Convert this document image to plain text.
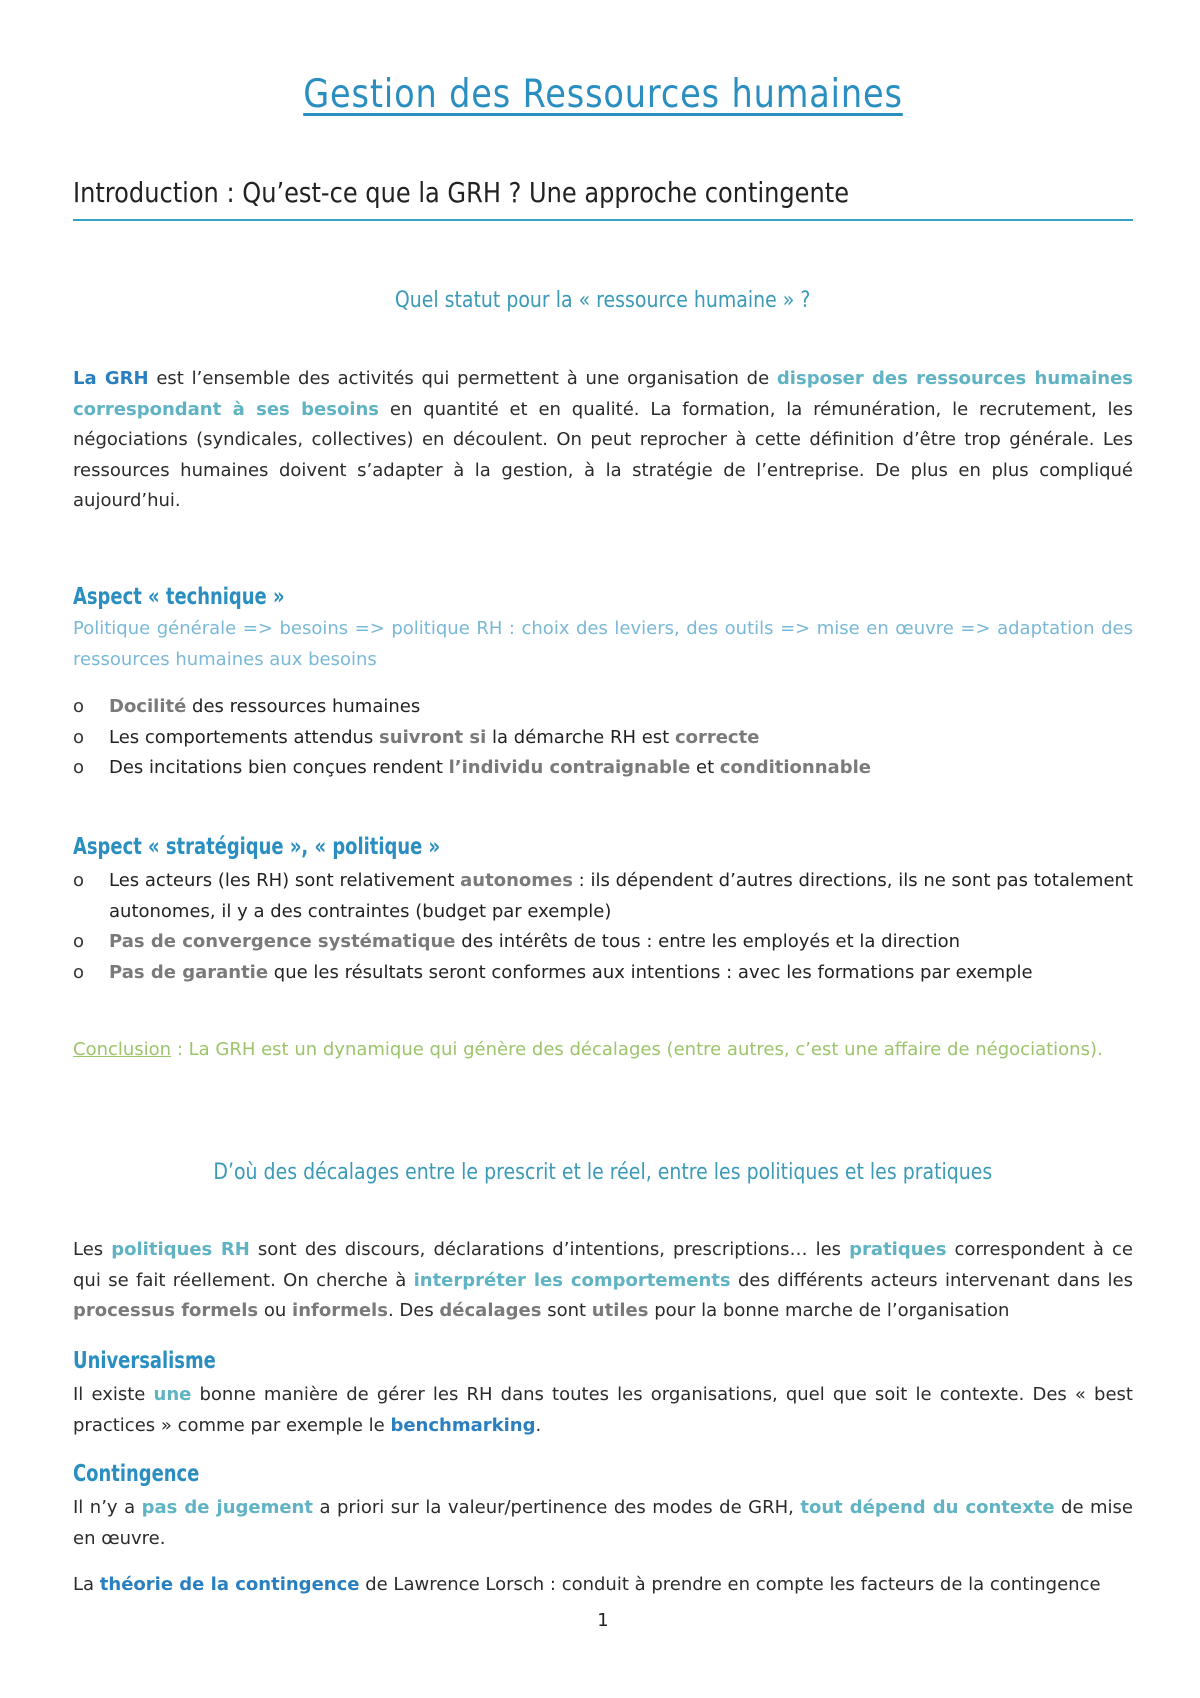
Gestion des Ressources humaines
Introduction : Qu’est-ce que la GRH ? Une approche contingente
Quel statut pour la « ressource humaine » ?
La GRH est l’ensemble des activités qui permettent à une organisation de disposer des ressources humaines correspondant à ses besoins en quantité et en qualité. La formation, la rémunération, le recrutement, les négociations (syndicales, collectives) en découlent. On peut reprocher à cette définition d’être trop générale. Les ressources humaines doivent s’adapter à la gestion, à la stratégie de l’entreprise. De plus en plus compliqué aujourd’hui.
Aspect « technique »
Politique générale => besoins => politique RH : choix des leviers, des outils => mise en œuvre => adaptation des ressources humaines aux besoins
o Docilité des ressources humaines
o Les comportements attendus suivront si la démarche RH est correcte
o Des incitations bien conçues rendent l’individu contraignable et conditionnable
Aspect « stratégique », « politique »
o Les acteurs (les RH) sont relativement autonomes : ils dépendent d’autres directions, ils ne sont pas totalement autonomes, il y a des contraintes (budget par exemple)
o Pas de convergence systématique des intérêts de tous : entre les employés et la direction
o Pas de garantie que les résultats seront conformes aux intentions : avec les formations par exemple
Conclusion : La GRH est un dynamique qui génère des décalages (entre autres, c’est une affaire de négociations).
D’où des décalages entre le prescrit et le réel, entre les politiques et les pratiques
Les politiques RH sont des discours, déclarations d’intentions, prescriptions… les pratiques correspondent à ce qui se fait réellement. On cherche à interpréter les comportements des différents acteurs intervenant dans les processus formels ou informels. Des décalages sont utiles pour la bonne marche de l’organisation
Universalisme
Il existe une bonne manière de gérer les RH dans toutes les organisations, quel que soit le contexte. Des « best practices » comme par exemple le benchmarking.
Contingence
Il n’y a pas de jugement a priori sur la valeur/pertinence des modes de GRH, tout dépend du contexte de mise en œuvre.
La théorie de la contingence de Lawrence Lorsch : conduit à prendre en compte les facteurs de la contingence
1
